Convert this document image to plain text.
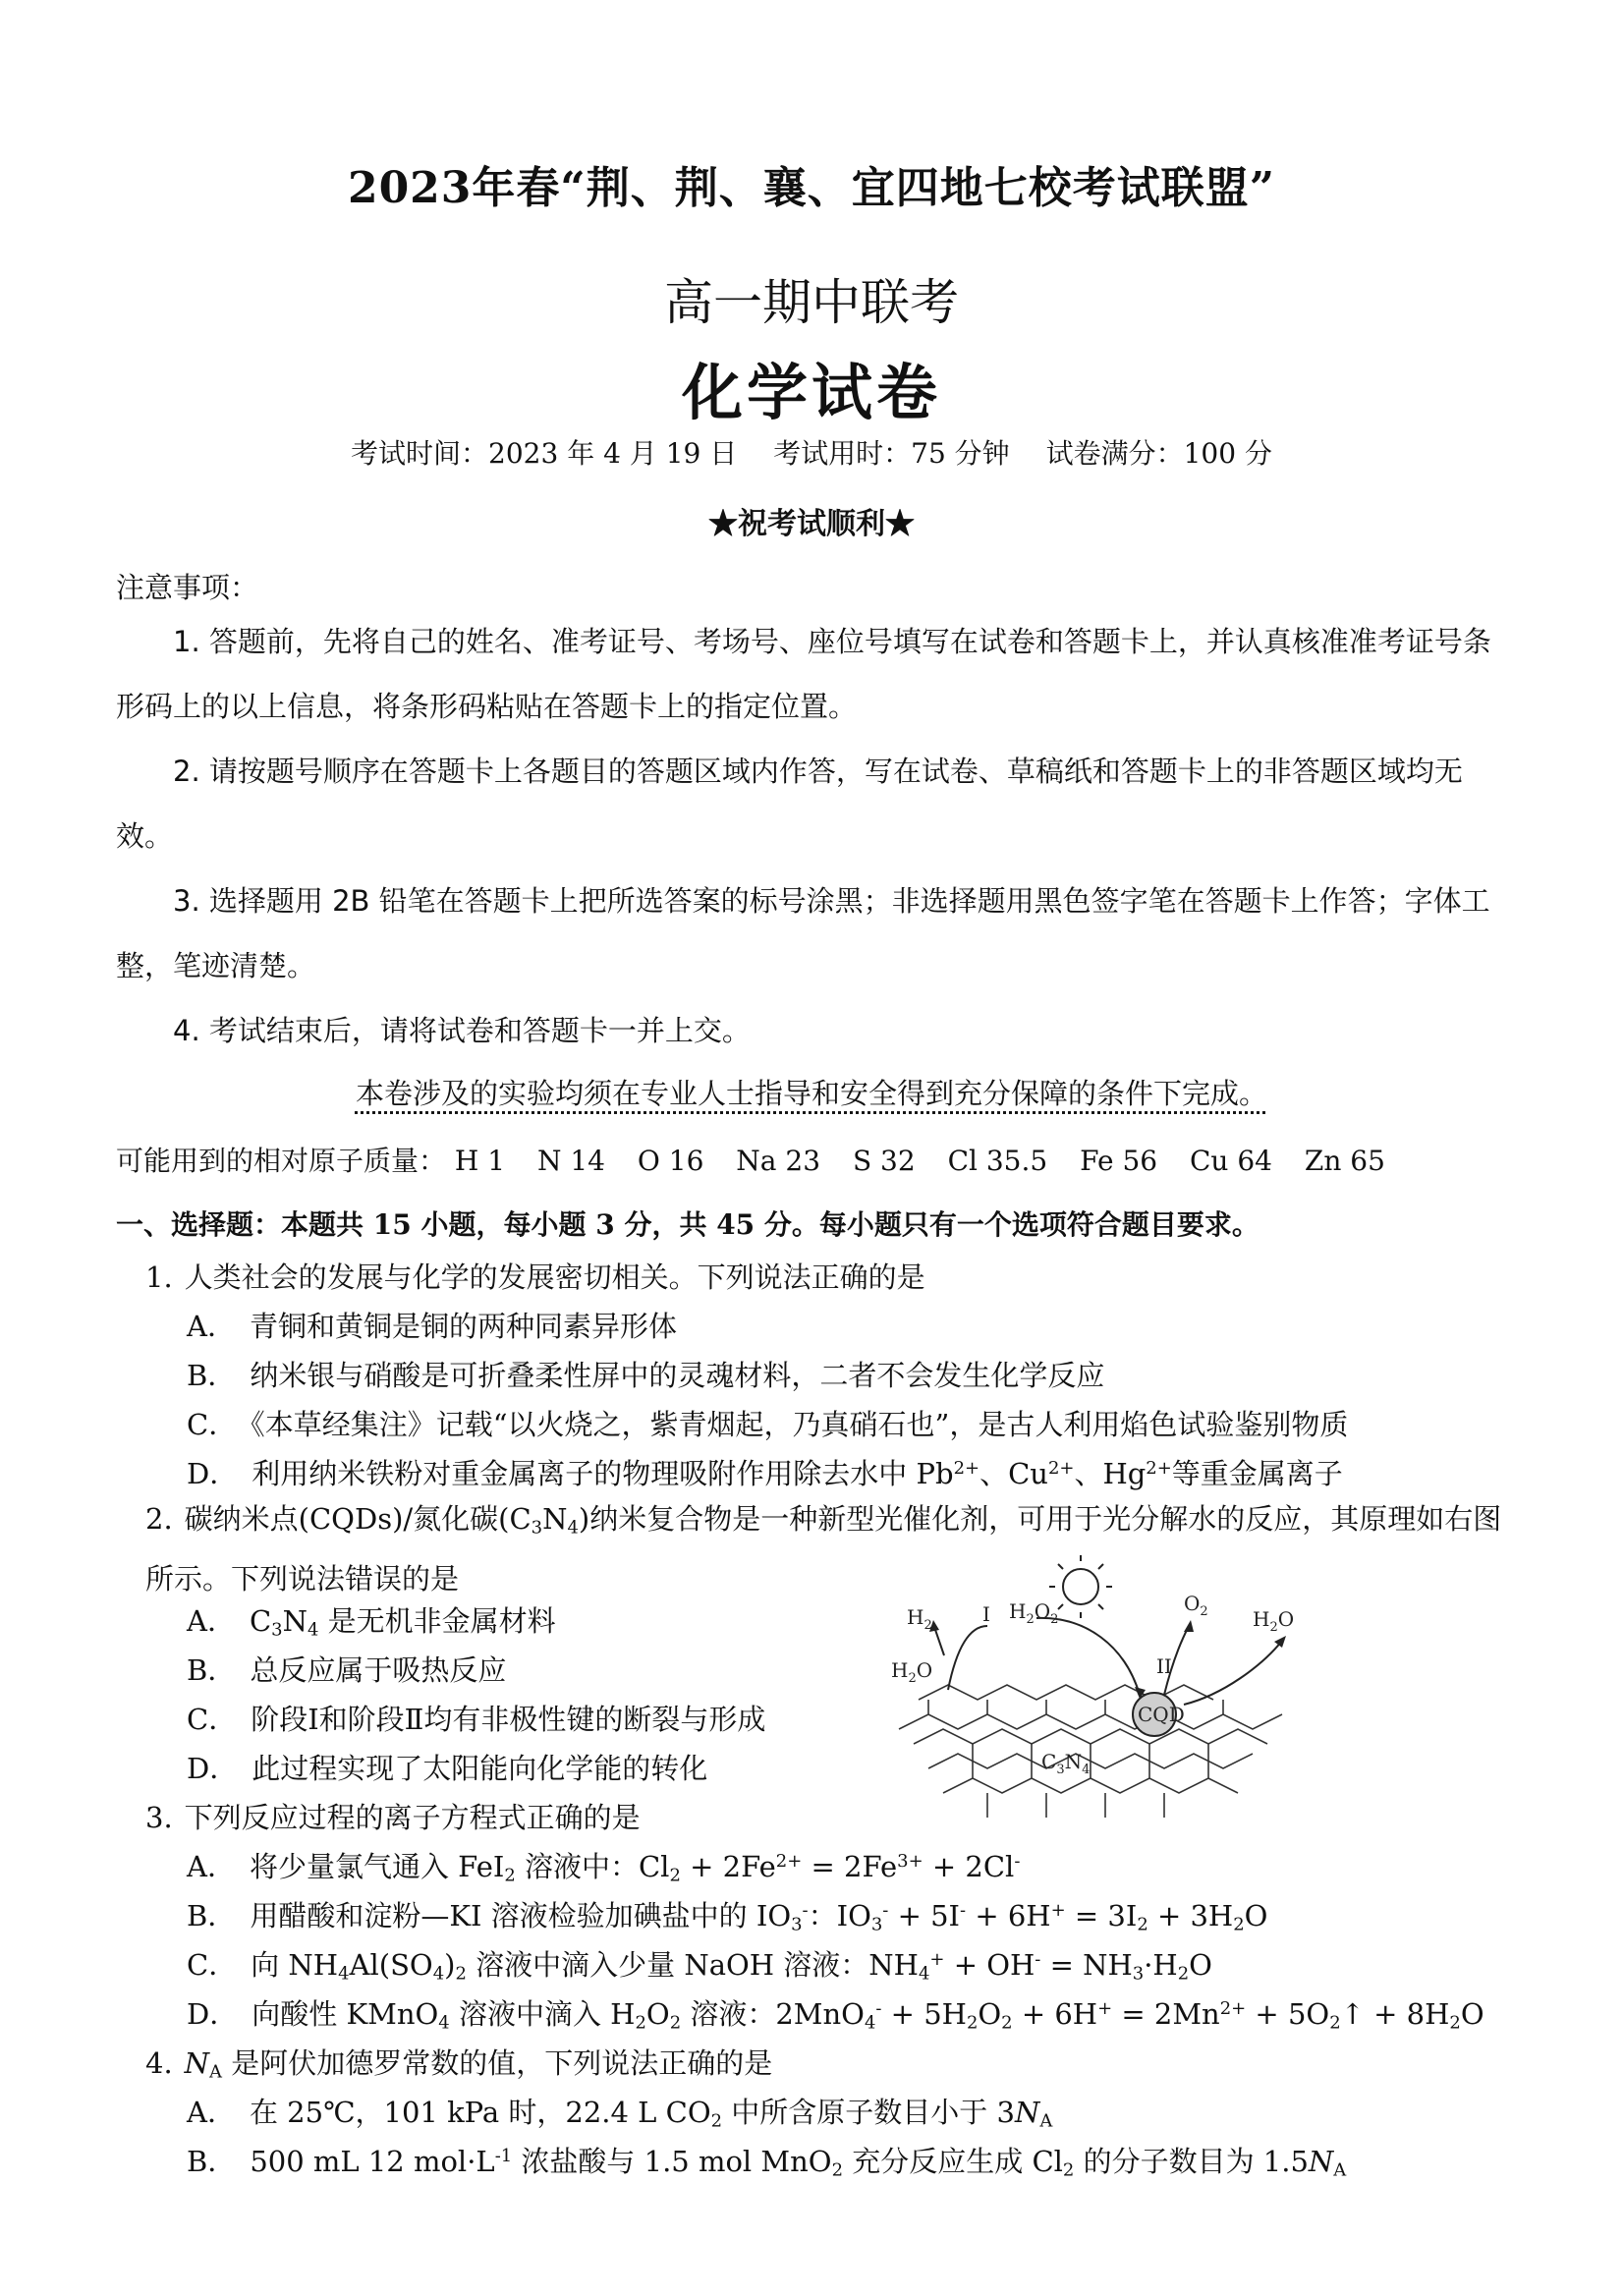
2023年春“荆、荆、襄、宜四地七校考试联盟”
高一期中联考
化学试卷
考试时间：2023 年 4 月 19 日 考试用时：75 分钟 试卷满分：100 分
★祝考试顺利★
注意事项：
1. 答题前，先将自己的姓名、准考证号、考场号、座位号填写在试卷和答题卡上，并认真核准准考证号条形码上的以上信息，将条形码粘贴在答题卡上的指定位置。
2. 请按题号顺序在答题卡上各题目的答题区域内作答，写在试卷、草稿纸和答题卡上的非答题区域均无效。
3. 选择题用 2B 铅笔在答题卡上把所选答案的标号涂黑；非选择题用黑色签字笔在答题卡上作答；字体工整，笔迹清楚。
4. 考试结束后，请将试卷和答题卡一并上交。
本卷涉及的实验均须在专业人士指导和安全得到充分保障的条件下完成。
可能用到的相对原子质量： H 1 N 14 O 16 Na 23 S 32 Cl 35.5 Fe 56 Cu 64 Zn 65
一、选择题：本题共 15 小题，每小题 3 分，共 45 分。每小题只有一个选项符合题目要求。
1. 人类社会的发展与化学的发展密切相关。下列说法正确的是
A． 青铜和黄铜是铜的两种同素异形体
B． 纳米银与硝酸是可折叠柔性屏中的灵魂材料，二者不会发生化学反应
C． 《本草经集注》记载“以火烧之，紫青烟起，乃真硝石也”，是古人利用焰色试验鉴别物质
D． 利用纳米铁粉对重金属离子的物理吸附作用除去水中 $Pb^{2+}$、$Cu^{2+}$、$Hg^{2+}$等重金属离子
2. 碳纳米点(CQDs)/氮化碳$(C_3N_4)$纳米复合物是一种新型光催化剂，可用于光分解水的反应，其原理如右图所示。下列说法错误的是
A． $C_3N_4$ 是无机非金属材料
B． 总反应属于吸热反应
C． 阶段Ⅰ和阶段Ⅱ均有非极性键的断裂与形成
D． 此过程实现了太阳能向化学能的转化
CQD
$H_2$	I $H_2O_2$
$O_2$ $H_2O$
$H_2O$	II
$C_3N_4$
3. 下列反应过程的离子方程式正确的是
A． 将少量氯气通入 FeI$_2$ 溶液中：$Cl_2 + 2Fe^{2+} = 2Fe^{3+} + 2Cl^-$
B． 用醋酸和淀粉—KI 溶液检验加碘盐中的 $IO_3^-$：$IO_3^- + 5I^- + 6H^+ = 3I_2 + 3H_2O$
C． 向 $NH_4Al(SO_4)_2$ 溶液中滴入少量 NaOH 溶液：$NH_4^+ + OH^- = NH_3\cdot H_2O$
D． 向酸性 KMnO$_4$ 溶液中滴入 $H_2O_2$ 溶液：$2MnO_4^- + 5H_2O_2 + 6H^+ = 2Mn^{2+}$ + $5O_2↑ + 8H_2O$
4. $N_A$ 是阿伏加德罗常数的值，下列说法正确的是
A． 在 25℃，101 kPa 时，22.4 L $CO_2$ 中所含原子数目小于 $3N_A$
B． 500 mL 12 $mol\cdot L^{-1}$ 浓盐酸与 1.5 mol MnO$_2$ 充分反应生成 $Cl_2$ 的分子数目为 $1.5N_A$
